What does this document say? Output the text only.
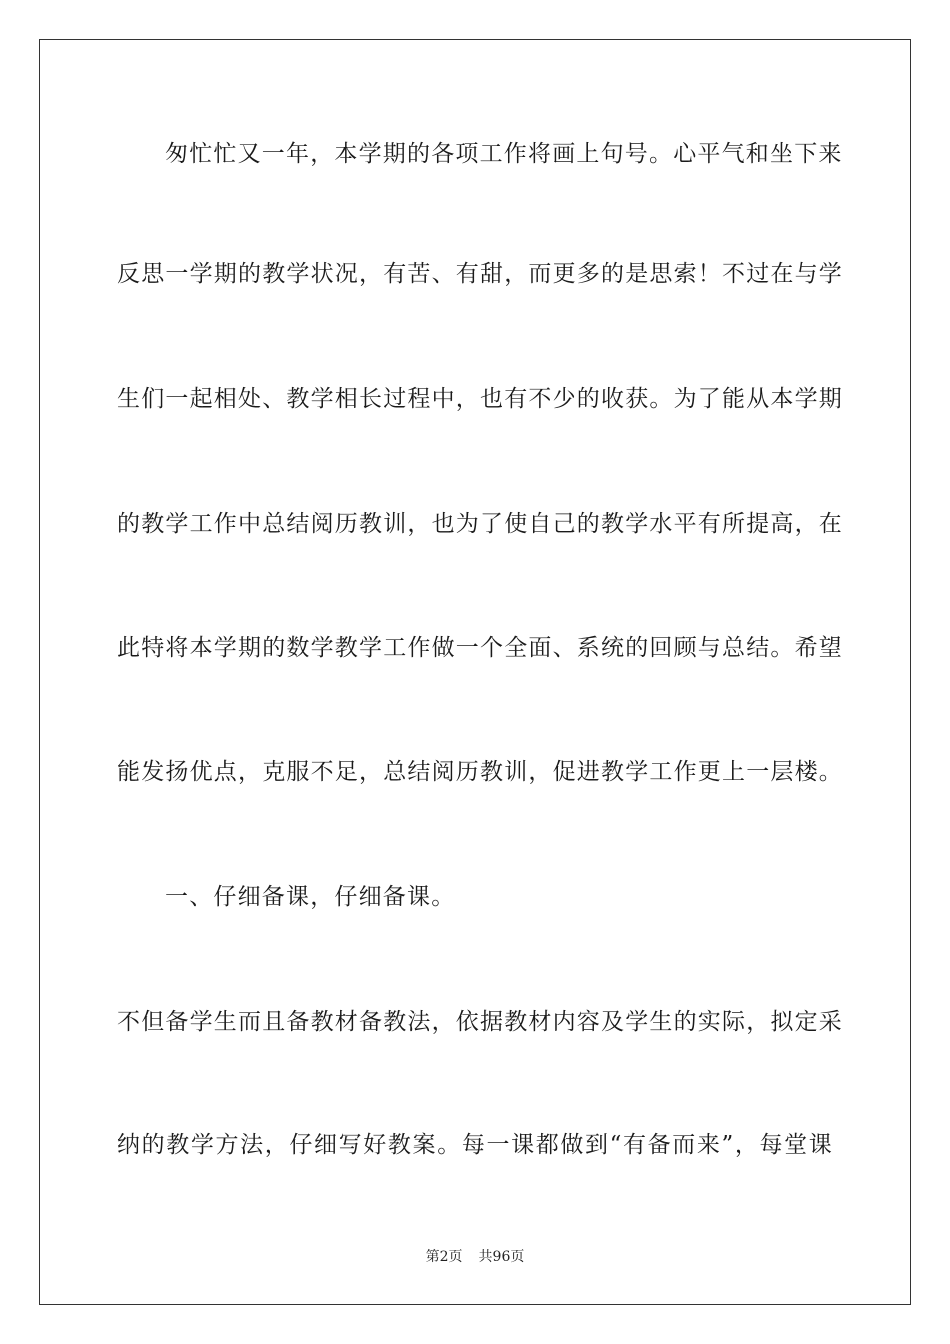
匆忙忙又一年，本学期的各项工作将画上句号。心平气和坐下来
反思一学期的教学状况，有苦、有甜，而更多的是思索！不过在与学
生们一起相处、教学相长过程中，也有不少的收获。为了能从本学期
的教学工作中总结阅历教训，也为了使自己的教学水平有所提高，在
此特将本学期的数学教学工作做一个全面、系统的回顾与总结。希望
能发扬优点，克服不足，总结阅历教训，促进教学工作更上一层楼。
一、仔细备课，仔细备课。
不但备学生而且备教材备教法，依据教材内容及学生的实际，拟定采
纳的教学方法，仔细写好教案。每一课都做到“有备而来”，每堂课
第2页 共96页
